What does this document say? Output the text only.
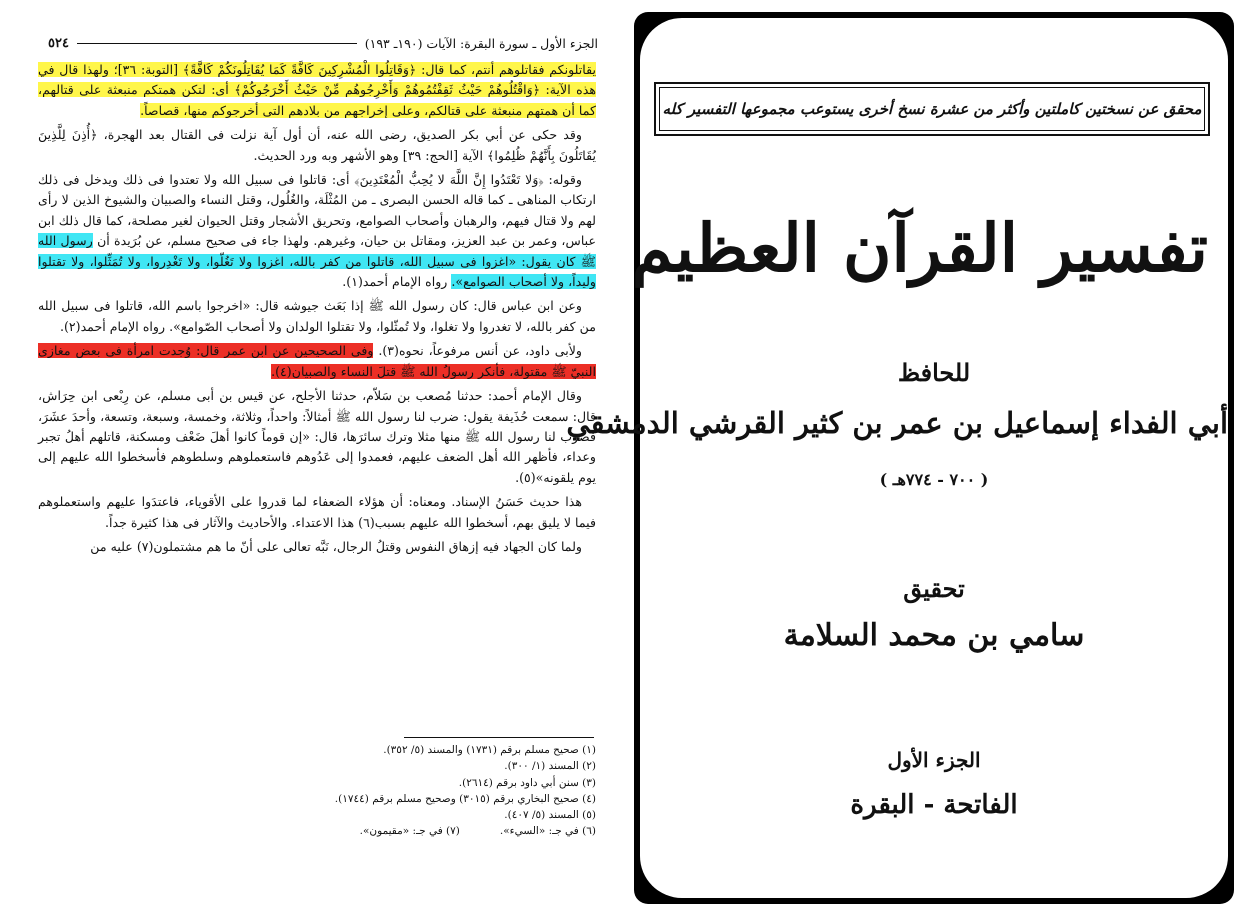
الجزء الأول ـ سورة البقرة: الآيات (١٩٠ـ ١٩٣)
٥٢٤

يقاتلونكم فقاتلوهم أنتم، كما قال: ﴿وَقَاتِلُوا الْمُشْرِكِينَ كَافَّةً كَمَا يُقَاتِلُونَكُمْ كَافَّةً﴾ [التوبة: ٣٦]؛ ولهذا قال في هذه الآية: ﴿وَاقْتُلُوهُمْ حَيْثُ ثَقِفْتُمُوهُمْ وَأَخْرِجُوهُم مِّنْ حَيْثُ أَخْرَجُوكُمْ﴾ أى: لتكن همتكم منبعثة على قتالهم، كما أن همتهم منبعثة على قتالكم، وعلى إخراجهم من بلادهم التى أخرجوكم منها، قصاصاً.

وقد حكى عن أبي بكر الصديق، رضى الله عنه، أن أول آية نزلت فى القتال بعد الهجرة، ﴿أُذِنَ لِلَّذِينَ يُقَاتَلُونَ بِأَنَّهُمْ ظُلِمُوا﴾ الآية [الحج: ٣٩] وهو الأشهر وبه ورد الحديث.

وقوله: ﴿وَلا تَعْتَدُوا إِنَّ اللَّهَ لا يُحِبُّ الْمُعْتَدِينَ﴾ أى: قاتلوا فى سبيل الله ولا تعتدوا فى ذلك ويدخل فى ذلك ارتكاب المناهى ـ كما قاله الحسن البصرى ـ من المُثْلَة، والغُلُول، وقتل النساء والصبيان والشيوخ الذين لا رأى لهم ولا قتال فيهم، والرهبان وأصحاب الصوامع، وتحريق الأشجار وقتل الحيوان لغير مصلحة، كما قال ذلك ابن عباس، وعمر بن عبد العزيز، ومقاتل بن حيان، وغيرهم. ولهذا جاء فى صحيح مسلم، عن بُرَيدة أن رسول الله ﷺ كان يقول: «اغزوا فى سبيل الله، قاتلوا من كفر بالله، اغزوا ولا تَغُلّوا، ولا تَغْدِروا، ولا تُمَثِّلوا، ولا تقتلوا وليداً، ولا أصحاب الصوامع». رواه الإمام أحمد(١).

وعن ابن عباس قال: كان رسول الله ﷺ إذا بَعَث جيوشه قال: «اخرجوا باسم الله، قاتلوا فى سبيل الله من كفر بالله، لا تغدروا ولا تغلوا، ولا تُمثّلوا، ولا تقتلوا الولدان ولا أصحاب الصّوامع». رواه الإمام أحمد(٢).

ولأبى داود، عن أنس مرفوعاً، نحوه(٣). وفى الصحيحين عن ابن عمر قال: وُجدت امرأة فى بعض مغازى النبيّ ﷺ مقتولة، فأنكر رسولُ الله ﷺ قتلَ النساء والصبيان(٤).

وقال الإمام أحمد: حدثنا مُصعب بن سَلاّم، حدثنا الأجلح، عن قيس بن أبى مسلم، عن رِبْعى ابن حِرَاش، قال: سمعت حُذَيفة يقول: ضرب لنا رسول الله ﷺ أمثالاً: واحداً، وثلاثة، وخمسة، وسبعة، وتسعة، وأحدَ عشَرَ، فضرب لنا رسول الله ﷺ منها مثلا وترك سائرَها، قال: «إن قوماً كانوا أهلَ ضَعْف ومسكنة، قاتلهم أهلُ تجبر وعداء، فأظهر الله أهل الضعف عليهم، فعمدوا إلى عَدُوهم فاستعملوهم وسلطوهم فأسخطوا الله عليهم إلى يوم يلقونه»(٥).

هذا حديث حَسَنُ الإسناد. ومعناه: أن هؤلاء الضعفاء لما قدروا على الأقوياء، فاعتدَوا عليهم واستعملوهم فيما لا يليق بهم، أسخطوا الله عليهم بسبب(٦) هذا الاعتداء. والأحاديث والآثار فى هذا كثيرة جداً.

ولما كان الجهاد فيه إزهاق النفوس وقتلُ الرجال، نَبَّه تعالى على أنّ ما هم مشتملون(٧) عليه من

(١) صحيح مسلم برقم (١٧٣١) والمسند (٥/ ٣٥٢).
(٢) المسند (١/ ٣٠٠).
(٣) سنن أبي داود برقم (٢٦١٤).
(٤) صحيح البخاري برقم (٣٠١٥) وصحيح مسلم برقم (١٧٤٤).
(٥) المسند (٥/ ٤٠٧).
(٦) في جـ: «السيء».
(٧) في جـ: «مقيمون».
محقق عن نسختين كاملتين وأكثر من عشرة نسخ أخرى يستوعب مجموعها التفسير كله
تفسير القرآن العظيم
للحافظ
أبي الفداء إسماعيل بن عمر بن كثير القرشي الدمشقي
( ٧٠٠ - ٧٧٤هـ )
تحقيق
سامي بن محمد السلامة
الجزء الأول
الفاتحة - البقرة
